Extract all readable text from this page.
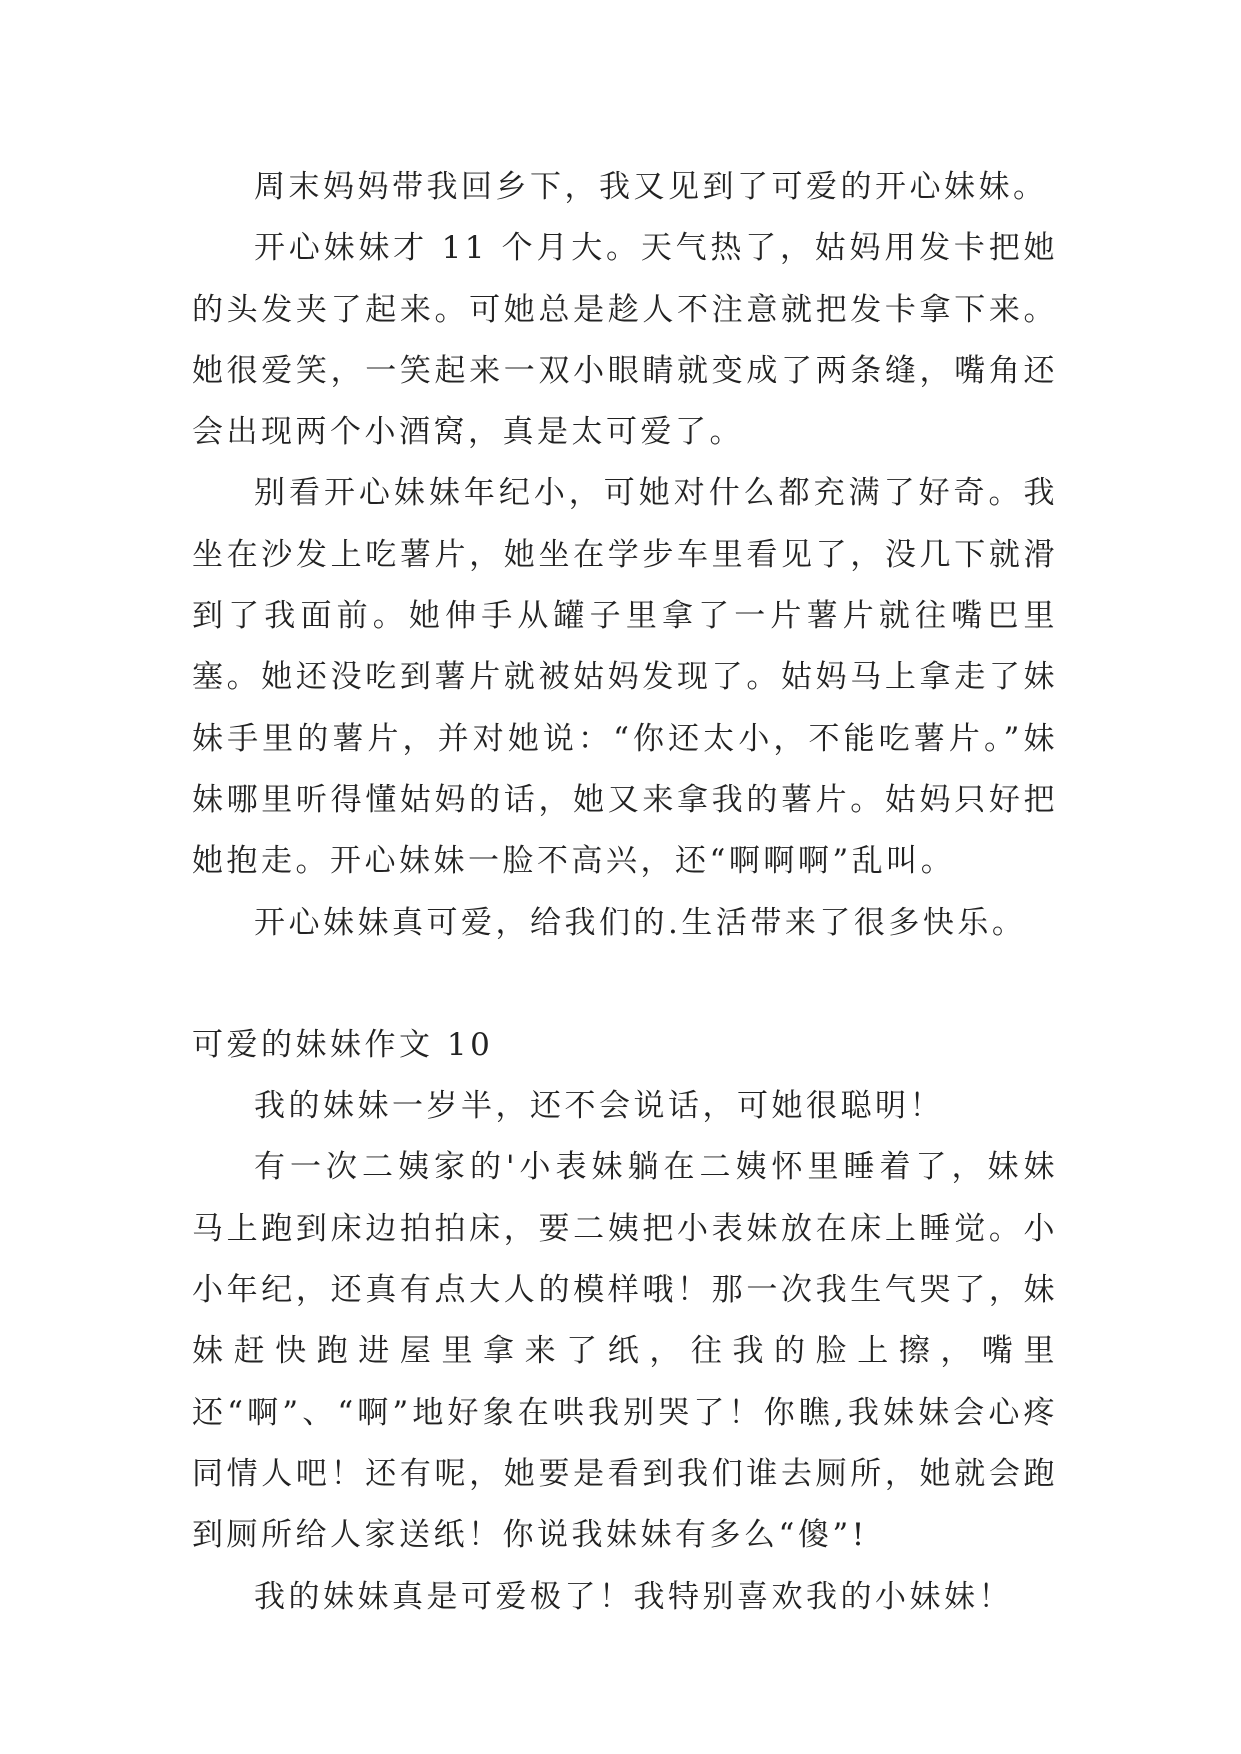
周末妈妈带我回乡下，我又见到了可爱的开心妹妹。

开心妹妹才 11 个月大。天气热了，姑妈用发卡把她的头发夹了起来。可她总是趁人不注意就把发卡拿下来。她很爱笑，一笑起来一双小眼睛就变成了两条缝，嘴角还会出现两个小酒窝，真是太可爱了。

别看开心妹妹年纪小，可她对什么都充满了好奇。我坐在沙发上吃薯片，她坐在学步车里看见了，没几下就滑到了我面前。她伸手从罐子里拿了一片薯片就往嘴巴里塞。她还没吃到薯片就被姑妈发现了。姑妈马上拿走了妹妹手里的薯片，并对她说：“你还太小，不能吃薯片。”妹妹哪里听得懂姑妈的话，她又来拿我的薯片。姑妈只好把她抱走。开心妹妹一脸不高兴，还“啊啊啊”乱叫。

开心妹妹真可爱，给我们的.生活带来了很多快乐。

可爱的妹妹作文 10

我的妹妹一岁半，还不会说话，可她很聪明！

有一次二姨家的'小表妹躺在二姨怀里睡着了，妹妹马上跑到床边拍拍床，要二姨把小表妹放在床上睡觉。小小年纪，还真有点大人的模样哦！那一次我生气哭了，妹妹赶快跑进屋里拿来了纸，往我的脸上擦，嘴里还“啊”、“啊”地好象在哄我别哭了！你瞧,我妹妹会心疼同情人吧！还有呢，她要是看到我们谁去厕所，她就会跑到厕所给人家送纸！你说我妹妹有多么“傻”!

我的妹妹真是可爱极了！我特别喜欢我的小妹妹！
